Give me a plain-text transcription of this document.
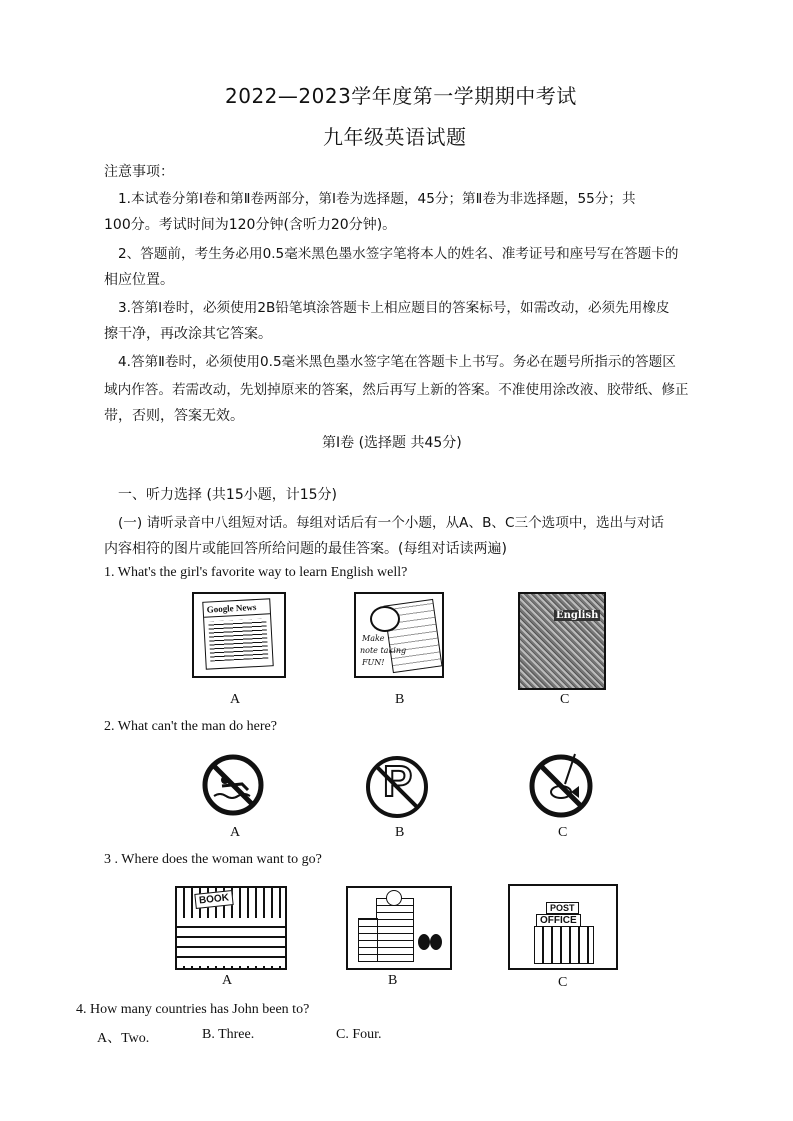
2022—2023学年度第一学期期中考试
九年级英语试题
注意事项：
1.本试卷分第Ⅰ卷和第Ⅱ卷两部分，第Ⅰ卷为选择题，45分；第Ⅱ卷为非选择题，55分；共
100分。考试时间为120分钟(含听力20分钟)。
2、答题前，考生务必用0.5毫米黑色墨水签字笔将本人的姓名、准考证号和座号写在答题卡的
相应位置。
3.答第Ⅰ卷时，必须使用2B铅笔填涂答题卡上相应题目的答案标号，如需改动，必须先用橡皮
擦干净，再改涂其它答案。
4.答第Ⅱ卷时，必须使用0.5毫米黑色墨水签字笔在答题卡上书写。务必在题号所指示的答题区
域内作答。若需改动，先划掉原来的答案，然后再写上新的答案。不准使用涂改液、胶带纸、修正
带，否则，答案无效。
第Ⅰ卷 (选择题 共45分)
一、听力选择 (共15小题，计15分)
(一) 请听录音中八组短对话。每组对话后有一个小题，从A、B、C三个选项中，选出与对话
内容相符的图片或能回答所给问题的最佳答案。(每组对话读两遍)
1. What's the girl's favorite way to learn English well?
Google News
A
Make
note taking
FUN!
B
English
C
2. What can't the man do here?
A
P
B	C
3 . Where does the woman want to go?
BOOK
A	B
POST
OFFICE
C
4. How many countries has John been to?
A、Two.	B. Three.	C. Four.
